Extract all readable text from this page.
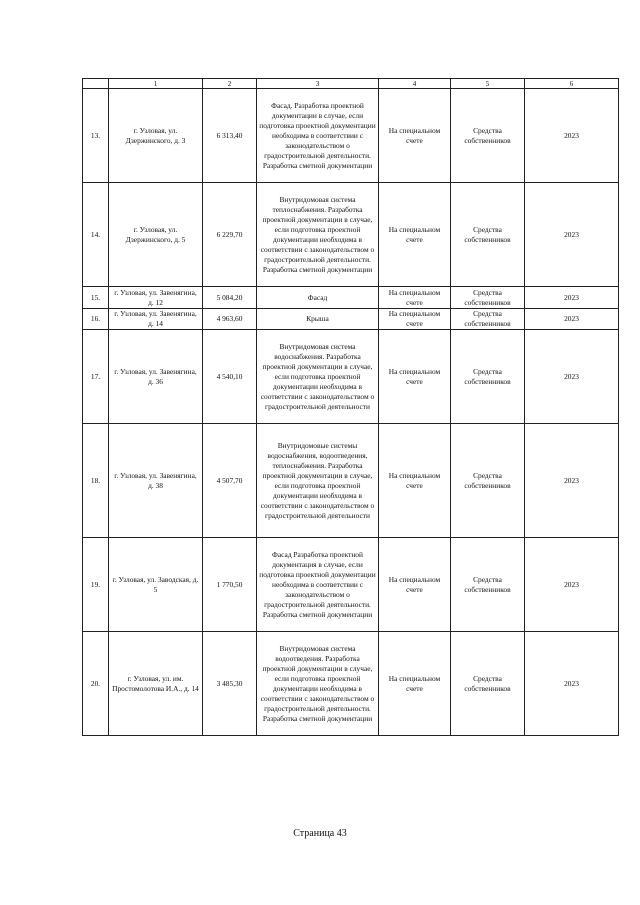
	1	2	3	4	5	6
13.	г. Узловая, ул. Дзержинского, д. 3	6 313,40	Фасад. Разработка проектной документации в случае, если подготовка проектной документации необходима в соответствии с законодательством о градостроительной деятельности. Разработка сметной документации	На специальном счете	Средства собственников	2023
14.	г. Узловая, ул. Дзержинского, д. 5	6 229,70	Внутридомовая система теплоснабжения. Разработка проектной документации в случае, если подготовка проектной документации необходима в соответствии с законодательством о градостроительной деятельности. Разработка сметной документации	На специальном счете	Средства собственников	2023
15.	г. Узловая, ул. Завенягина, д. 12	5 084,20	Фасад	На специальном счете	Средства собственников	2023
16.	г. Узловая, ул. Завенягина, д. 14	4 963,60	Крыша	На специальном счете	Средства собственников	2023
17.	г. Узловая, ул. Завенягина, д. 36	4 540,10	Внутридомовая система водоснабжения. Разработка проектной документации в случае, если подготовка проектной документации необходима в соответствии с законодательством о градостроительной деятельности	На специальном счете	Средства собственников	2023
18.	г. Узловая, ул. Завенягина, д. 38	4 507,70	Внутридомовые системы водоснабжения, водоотведения, теплоснабжения. Разработка проектной документации в случае, если подготовка проектной документации необходима в соответствии с законодательством о градостроительной деятельности	На специальном счете	Средства собственников	2023
19.	г. Узловая, ул. Заводская, д. 5	1 770,50	Фасад Разработка проектной документация в случае, если подготовка проектной документации необходима в соответствии с законодательством о градостроительной деятельности. Разработка сметной документации	На специальном счете	Средства собственников	2023
20.	г. Узловая, ул. им. Простомолотова И.А., д. 14	3 485,30	Внутридомовая система водоотведения. Разработка проектной документации в случае, если подготовка проектной документации необходима в соответствии с законодательством о градостроительной деятельности. Разработка сметной документации	На специальном счете	Средства собственников	2023
Страница 43
